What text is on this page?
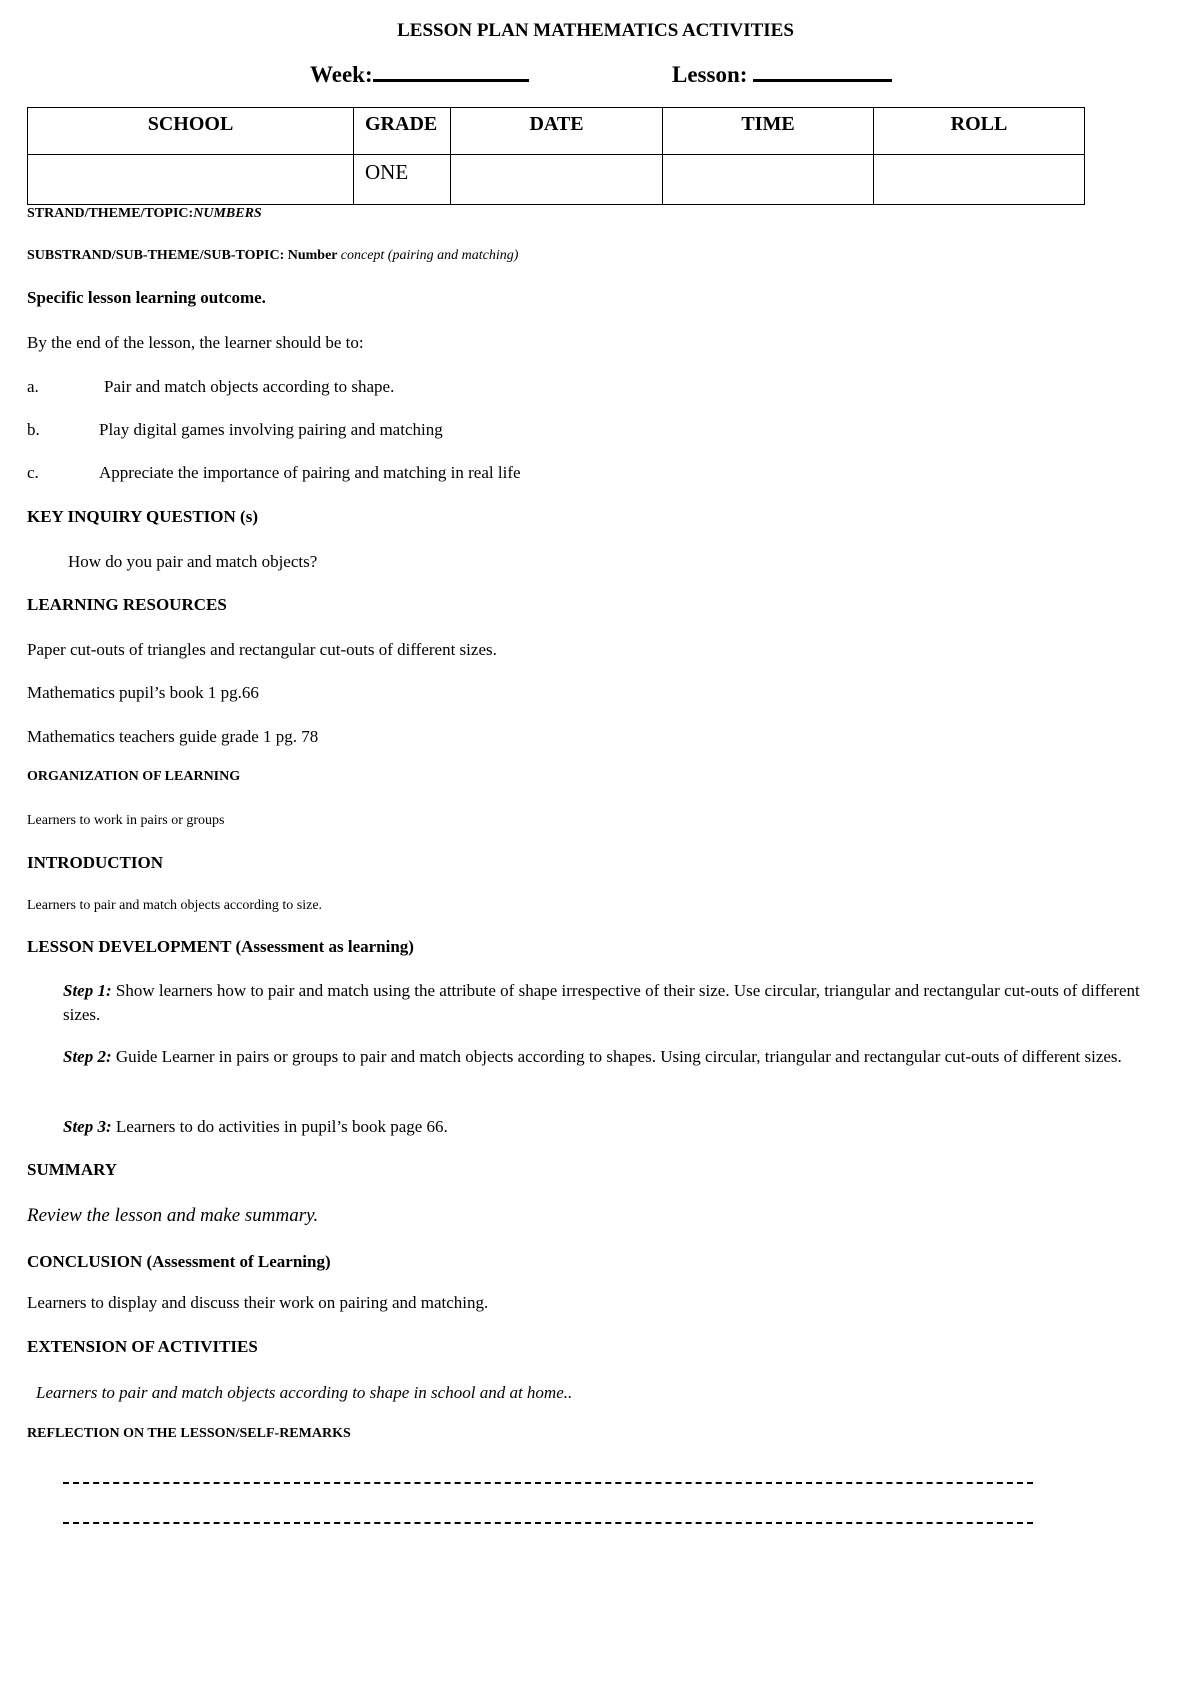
LESSON PLAN MATHEMATICS ACTIVITIES
Week:	Lesson:
SCHOOL	GRADE	DATE	TIME	ROLL

	ONE			

STRAND/THEME/TOPIC:NUMBERS
SUBSTRAND/SUB-THEME/SUB-TOPIC: Number concept (pairing and matching)
Specific lesson learning outcome.
By the end of the lesson, the learner should be to:
a.	Pair and match objects according to shape.
b.	Play digital games involving pairing and matching
c.	Appreciate the importance of pairing and matching in real life
KEY INQUIRY QUESTION (s)
How do you pair and match objects?
LEARNING RESOURCES
Paper cut-outs of triangles and rectangular cut-outs of different sizes.
Mathematics pupil’s book 1 pg.66
Mathematics teachers guide grade 1 pg. 78
ORGANIZATION OF LEARNING
Learners to work in pairs or groups
INTRODUCTION
Learners to pair and match objects according to size.
LESSON DEVELOPMENT (Assessment as learning)
Step 1: Show learners how to pair and match using the attribute of shape irrespective of their size. Use circular, triangular and rectangular cut-outs of different sizes.
Step 2: Guide Learner in pairs or groups to pair and match objects according to shapes. Using circular, triangular and rectangular cut-outs of different sizes.
Step 3: Learners to do activities in pupil’s book page 66.
SUMMARY
Review the lesson and make summary.
CONCLUSION (Assessment of Learning)
Learners to display and discuss their work on pairing and matching.
EXTENSION OF ACTIVITIES
Learners to pair and match objects according to shape in school and at home..
REFLECTION ON THE LESSON/SELF-REMARKS
